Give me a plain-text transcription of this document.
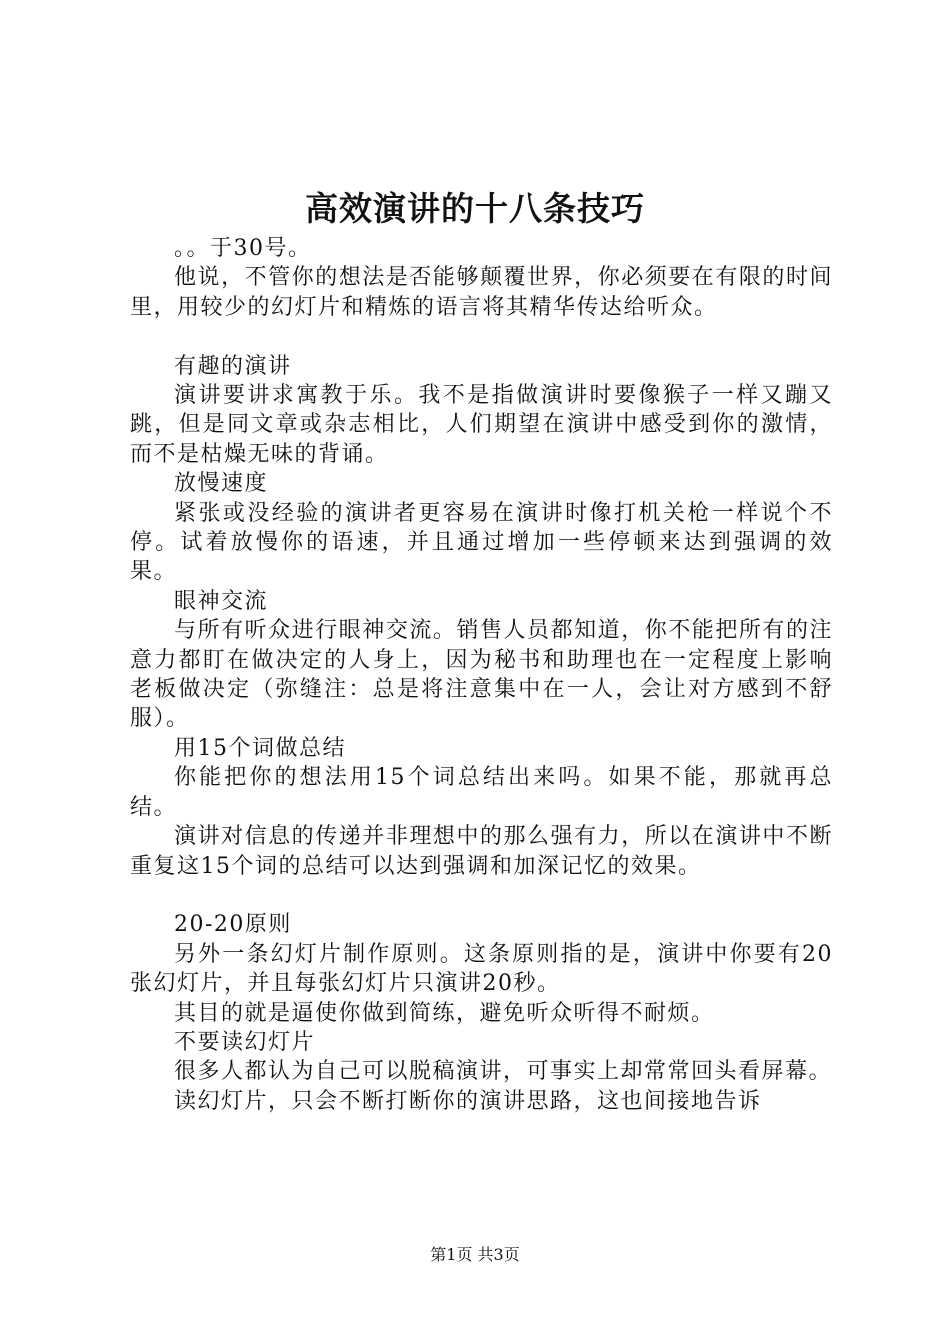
高效演讲的十八条技巧

。。于30号。

他说，不管你的想法是否能够颠覆世界，你必须要在有限的时间里，用较少的幻灯片和精炼的语言将其精华传达给听众。

有趣的演讲

演讲要讲求寓教于乐。我不是指做演讲时要像猴子一样又蹦又跳，但是同文章或杂志相比，人们期望在演讲中感受到你的激情，而不是枯燥无味的背诵。

放慢速度

紧张或没经验的演讲者更容易在演讲时像打机关枪一样说个不停。试着放慢你的语速，并且通过增加一些停顿来达到强调的效果。

眼神交流

与所有听众进行眼神交流。销售人员都知道，你不能把所有的注意力都盯在做决定的人身上，因为秘书和助理也在一定程度上影响老板做决定（弥缝注：总是将注意集中在一人，会让对方感到不舒服）。

用15个词做总结

你能把你的想法用15个词总结出来吗。如果不能，那就再总结。

演讲对信息的传递并非理想中的那么强有力，所以在演讲中不断重复这15个词的总结可以达到强调和加深记忆的效果。

20-20原则

另外一条幻灯片制作原则。这条原则指的是，演讲中你要有20张幻灯片，并且每张幻灯片只演讲20秒。

其目的就是逼使你做到简练，避免听众听得不耐烦。

不要读幻灯片

很多人都认为自己可以脱稿演讲，可事实上却常常回头看屏幕。

读幻灯片，只会不断打断你的演讲思路，这也间接地告诉

第1页 共3页
